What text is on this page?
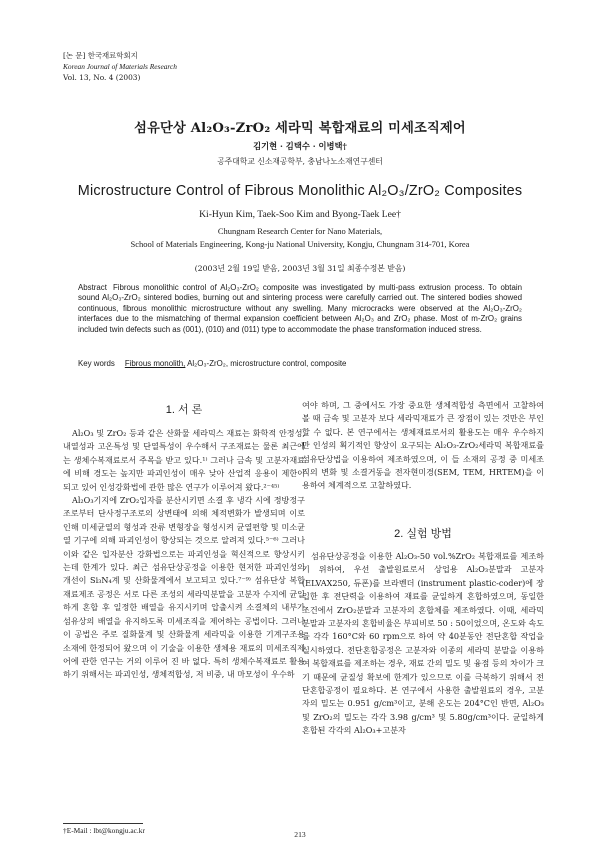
[논 문] 한국재료학회지
Korean Journal of Materials Research
Vol. 13, No. 4 (2003)
섬유단상 Al₂O₃-ZrO₂ 세라믹 복합재료의 미세조직제어
김기현 · 김택수 · 이병택†
공주대학교 신소재공학부, 충남나노소재연구센터
Microstructure Control of Fibrous Monolithic Al₂O₃/ZrO₂ Composites
Ki-Hyun Kim, Taek-Soo Kim and Byong-Taek Lee†
Chungnam Research Center for Nano Materials,
School of Materials Engineering, Kong-ju National University, Kongju, Chungnam 314-701, Korea
(2003년 2월 19일 받음, 2003년 3월 31일 최종수정본 받음)
Abstract Fibrous monolithic control of Al₂O₃-ZrO₂ composite was investigated by multi-pass extrusion process. To obtain sound Al₂O₃-ZrO₂ sintered bodies, burning out and sintering process were carefully carried out. The sintered bodies showed continuous, fibrous monolithic microstructure without any swelling. Many microcracks were observed at the Al₂O₃-ZrO₂ interfaces due to the mismatching of thermal expansion coefficient between Al₂O₃ and ZrO₂ phase. Most of m-ZrO₂ grains included twin defects such as (001), (010) and (011) type to accommodate the phase transformation induced stress.
Key words Fibrous monolith, Al₂O₃-ZrO₂, microstructure control, composite
1. 서 론

Al₂O₃ 및 ZrO₂ 등과 같은 산화물 세라믹스 재료는 화학적 안정성, 내열성과 고온특성 및 단열특성이 우수해서 구조재료는 물론 최근에는 생체수복재료로서 주목을 받고 있다.¹⁾ 그러나 금속 및 고분자재료에 비해 경도는 높지만 파괴인성이 매우 낮아 산업적 응용이 제한이 되고 있어 인성강화법에 관한 많은 연구가 이루어져 왔다.²⁻⁴⁵⁾

Al₂O₃기지에 ZrO₂입자를 분산시키면 소결 후 냉각 시에 정방정구조로부터 단사정구조로의 상변태에 의해 체적변화가 발생되며 이로 인해 미세균열의 형성과 잔류 변형장을 형성시켜 균열편향 및 미소균열 기구에 의해 파괴인성이 향상되는 것으로 알려져 있다.⁵⁻⁶⁾ 그러나 이와 같은 입자분산 강화법으로는 파괴인성을 혁신적으로 향상시키는데 한계가 있다. 최근 섬유단상공정을 이용한 현저한 파괴인성의 개선이 Si₃N₄계 및 산화물계에서 보고되고 있다.⁷⁻⁹⁾ 섬유단상 복합재료제조 공정은 서로 다른 조성의 세라믹분말을 고분자 수지에 균일하게 혼합 후 일정한 배열을 유지시키며 압출시켜 소결체의 내부가 섬유상의 배열을 유지하도록 미세조직을 제어하는 공법이다. 그러나 이 공법은 주로 질화물계 및 산화물계 세라믹을 이용한 기계구조용 소재에 한정되어 왔으며 이 기술을 이용한 생체용 재료의 미세조직제어에 관한 연구는 거의 이루어 진 바 없다. 특히 생체수복재료로 활용하기 위해서는 파괴인성, 생체적합성, 저 비중, 내 마모성이 우수하

여야 하며, 그 중에서도 가장 중요한 생체적합성 측면에서 고찰하여 볼 때 금속 및 고분자 보다 세라믹재료가 큰 장점이 있는 것만은 부인할 수 없다. 본 연구에서는 생체재료로서의 활용도는 매우 우수하지만 인성의 획기적인 향상이 요구되는 Al₂O₃-ZrO₂세라믹 복합재료를 섬유단상법을 이용하여 제조하였으며, 이 들 소재의 공정 중 미세조직의 변화 및 소결거동을 전자현미경(SEM, TEM, HRTEM)을 이용하여 체계적으로 고찰하였다.

2. 실험 방법

섬유단상공정을 이용한 Al₂O₃-50 vol.%ZrO₂ 복합재료를 제조하기 위하여, 우선 출발원료로서 상업용 Al₂O₃분말과 고분자(ELVAX250, 듀폰)를 브라벤더 (instrument plastic-coder)에 장입한 후 전단력을 이용하여 재료를 균일하게 혼합하였으며, 동일한 조건에서 ZrO₂분말과 고분자의 혼합체를 제조하였다. 이때, 세라믹 분말과 고분자의 혼합비율은 부피비로 50 : 50이었으며, 온도와 속도를 각각 160°C와 60 rpm으로 하여 약 40분동안 전단혼합 작업을 실시하였다. 전단혼합공정은 고분자와 이종의 세라믹 분말을 이용하여 복합재료를 제조하는 경우, 재료 간의 밀도 및 융점 등의 차이가 크기 때문에 균질성 확보에 한계가 있으므로 이를 극복하기 위해서 전단혼합공정이 필요하다. 본 연구에서 사용한 출발원료의 경우, 고분자의 밀도는 0.951 g/cm³이고, 분해 온도는 204°C인 반면, Al₂O₃ 및 ZrO₂의 밀도는 각각 3.98 g/cm³ 및 5.80g/cm³이다. 균일하게 혼합된 각각의 Al₂O₃+고분자

†E-Mail : lbt@kongju.ac.kr	213
